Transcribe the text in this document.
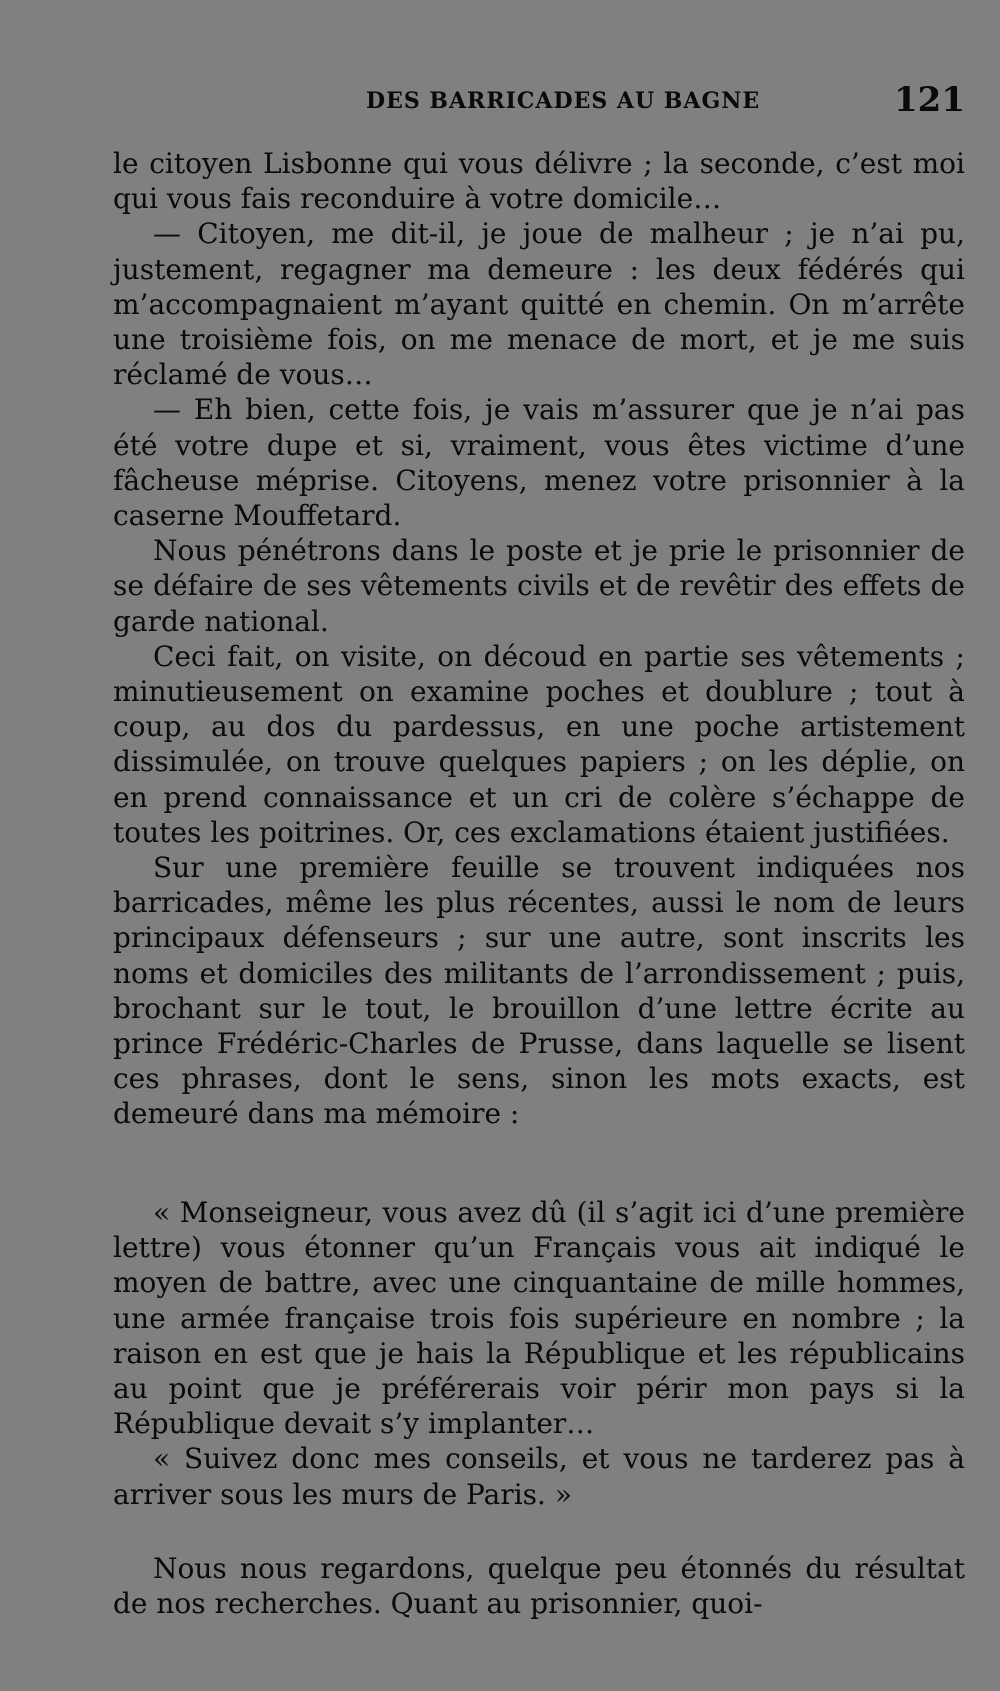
DES BARRICADES AU BAGNE	121

le citoyen Lisbonne qui vous délivre ; la seconde, c’est moi qui vous fais reconduire à votre domicile…

— Citoyen, me dit-il, je joue de malheur ; je n’ai pu, justement, regagner ma demeure : les deux fédérés qui m’accompagnaient m’ayant quitté en chemin. On m’arrête une troisième fois, on me menace de mort, et je me suis réclamé de vous…

— Eh bien, cette fois, je vais m’assurer que je n’ai pas été votre dupe et si, vraiment, vous êtes victime d’une fâcheuse méprise. Citoyens, menez votre prisonnier à la caserne Mouffetard.

Nous pénétrons dans le poste et je prie le prisonnier de se défaire de ses vêtements civils et de revêtir des effets de garde national.

Ceci fait, on visite, on découd en partie ses vêtements ; minutieusement on examine poches et doublure ; tout à coup, au dos du pardessus, en une poche artistement dissimulée, on trouve quelques papiers ; on les déplie, on en prend connaissance et un cri de colère s’échappe de toutes les poitrines. Or, ces exclamations étaient justifiées.

Sur une première feuille se trouvent indiquées nos barricades, même les plus récentes, aussi le nom de leurs principaux défenseurs ; sur une autre, sont inscrits les noms et domiciles des militants de l’arrondissement ; puis, brochant sur le tout, le brouillon d’une lettre écrite au prince Frédéric-Charles de Prusse, dans laquelle se lisent ces phrases, dont le sens, sinon les mots exacts, est demeuré dans ma mémoire :

« Monseigneur, vous avez dû (il s’agit ici d’une première lettre) vous étonner qu’un Français vous ait indiqué le moyen de battre, avec une cinquantaine de mille hommes, une armée française trois fois supérieure en nombre ; la raison en est que je hais la République et les républicains au point que je préférerais voir périr mon pays si la République devait s’y implanter…

« Suivez donc mes conseils, et vous ne tarderez pas à arriver sous les murs de Paris. »

Nous nous regardons, quelque peu étonnés du résultat de nos recherches. Quant au prisonnier, quoi-
